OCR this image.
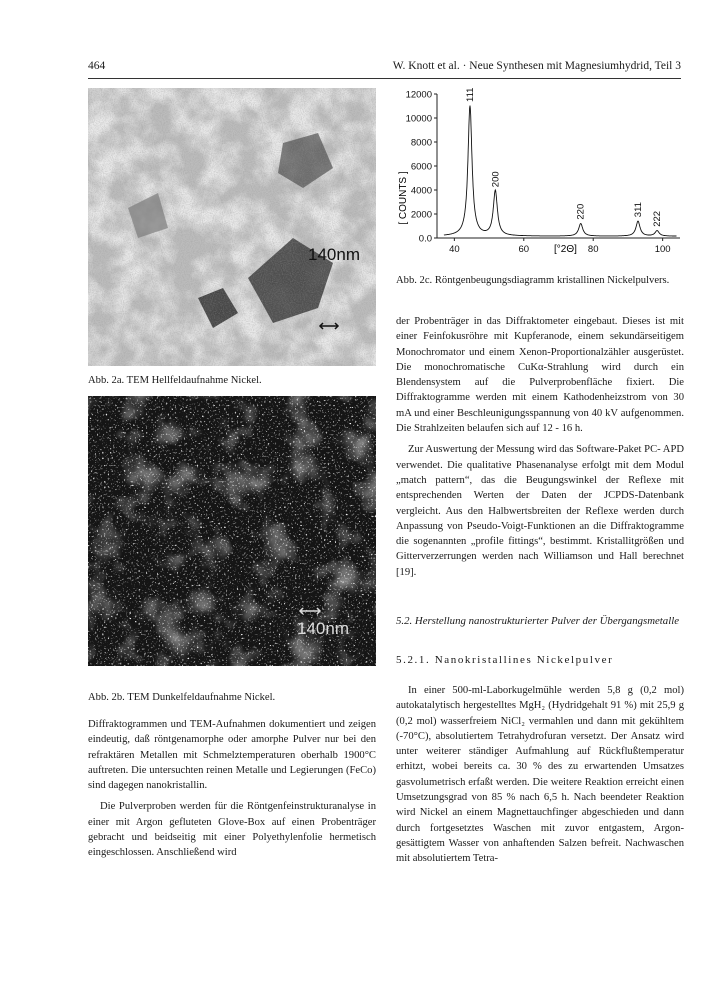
464	W. Knott et al. · Neue Synthesen mit Magnesiumhydrid, Teil 3
140nm
Abb. 2a. TEM Hellfeldaufnahme Nickel.
140nm
Abb. 2b. TEM Dunkelfeldaufnahme Nickel.

Diffraktogrammen und TEM-Aufnahmen dokumentiert und zeigen eindeutig, daß röntgenamorphe oder amorphe Pulver nur bei den refraktären Metallen mit Schmelztemperaturen oberhalb 1900°C auftreten. Die untersuchten reinen Metalle und Legierungen (FeCo) sind dagegen nanokristallin.

Die Pulverproben werden für die Röntgenfeinstrukturanalyse in einer mit Argon gefluteten Glove-Box auf einen Probenträger gebracht und beidseitig mit einer Polyethylenfolie hermetisch eingeschlossen. Anschließend wird

[ COUNTS ]
[°2Θ]
12000
10000
8000
6000
4000
2000
0.0
40	60	80	100
111
200
220	311
222
Abb. 2c. Röntgenbeugungsdiagramm kristallinen Nickelpulvers.

der Probenträger in das Diffraktometer eingebaut. Dieses ist mit einer Feinfokusröhre mit Kupferanode, einem sekundärseitigem Monochromator und einem Xenon-Proportionalzähler ausgerüstet. Die monochromatische CuKα-Strahlung wird durch ein Blendensystem auf die Pulverprobenfläche fixiert. Die Diffraktogramme werden mit einem Kathodenheizstrom von 30 mA und einer Beschleunigungsspannung von 40 kV aufgenommen. Die Strahlzeiten belaufen sich auf 12 - 16 h.

Zur Auswertung der Messung wird das Software-Paket PC- APD verwendet. Die qualitative Phasenanalyse erfolgt mit dem Modul „match pattern“, das die Beugungswinkel der Reflexe mit entsprechenden Werten der Daten der JCPDS-Datenbank vergleicht. Aus den Halbwertsbreiten der Reflexe werden durch Anpassung von Pseudo-Voigt-Funktionen an die Diffraktogramme die sogenannten „profile fittings“, bestimmt. Kristallitgrößen und Gitterverzerrungen werden nach Williamson und Hall berechnet [19].

5.2. Herstellung nanostrukturierter Pulver der Übergangsmetalle
5.2.1. Nanokristallines Nickelpulver

In einer 500-ml-Laborkugelmühle werden 5,8 g (0,2 mol) autokatalytisch hergestelltes MgH₂ (Hydridgehalt 91 %) mit 25,9 g (0,2 mol) wasserfreiem NiCl₂ vermahlen und dann mit gekühltem (-70°C), absolutiertem Tetrahydrofuran versetzt. Der Ansatz wird unter weiterer ständiger Aufmahlung auf Rückflußtemperatur erhitzt, wobei bereits ca. 30 % des zu erwartenden Umsatzes gasvolumetrisch erfaßt werden. Die weitere Reaktion erreicht einen Umsetzungsgrad von 85 % nach 6,5 h. Nach beendeter Reaktion wird Nickel an einem Magnettauchfinger abgeschieden und dann durch fortgesetztes Waschen mit zuvor entgastem, Argon-gesättigtem Wasser von anhaftenden Salzen befreit. Nachwaschen mit absolutiertem Tetra-
